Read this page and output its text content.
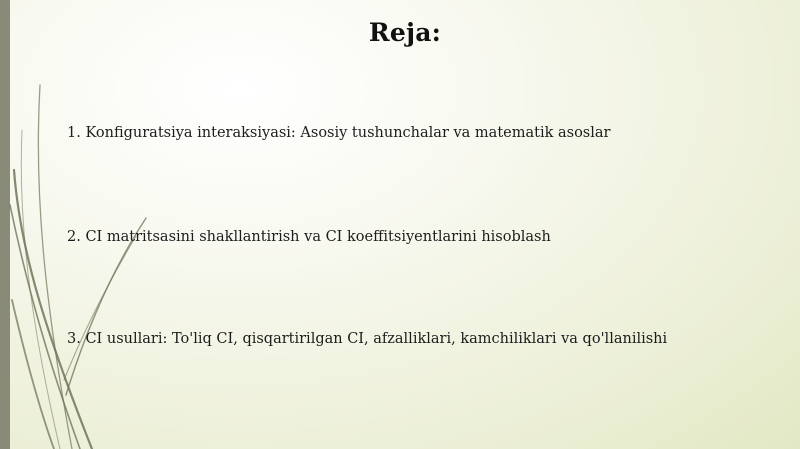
Reja:
1. Konfiguratsiya interaksiyasi: Asosiy tushunchalar va matematik asoslar
2. CI matritsasini shakllantirish va CI koeffitsiyentlarini hisoblash
3. CI usullari: To'liq CI, qisqartirilgan CI, afzalliklari, kamchiliklari va qo'llanilishi
